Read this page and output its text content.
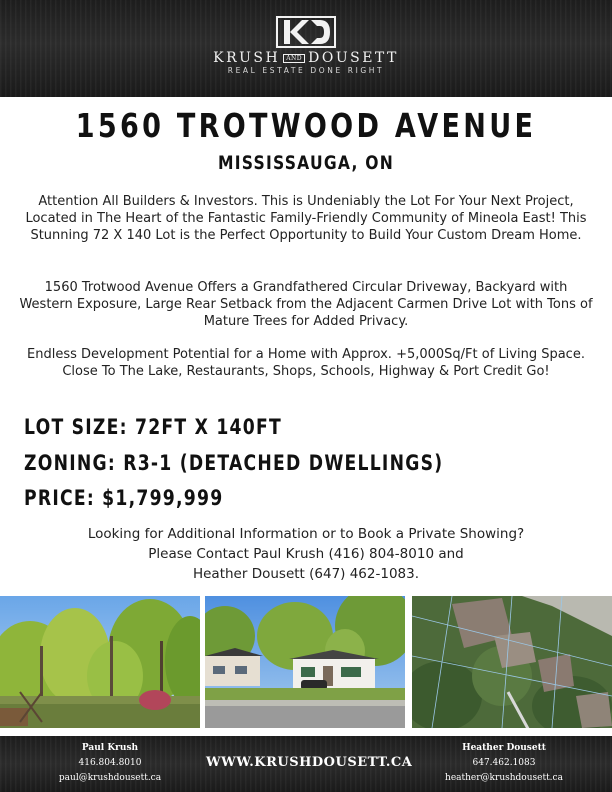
KRUSH AND DOUSETT
REAL ESTATE DONE RIGHT
1560 TROTWOOD AVENUE
MISSISSAUGA, ON
Attention All Builders & Investors. This is Undeniably the Lot For Your Next Project, Located in The Heart of the Fantastic Family-Friendly Community of Mineola East! This Stunning 72 X 140 Lot is the Perfect Opportunity to Build Your Custom Dream Home.
1560 Trotwood Avenue Offers a Grandfathered Circular Driveway, Backyard with Western Exposure, Large Rear Setback from the Adjacent Carmen Drive Lot with Tons of Mature Trees for Added Privacy.
Endless Development Potential for a Home with Approx. +5,000Sq/Ft of Living Space. Close To The Lake, Restaurants, Shops, Schools, Highway & Port Credit Go!
LOT SIZE: 72FT X 140FT
ZONING: R3-1 (DETACHED DWELLINGS)
PRICE: $1,799,999
Looking for Additional Information or to Book a Private Showing?
Please Contact Paul Krush (416) 804-8010 and
Heather Dousett (647) 462-1083.
Paul Krush
416.804.8010
paul@krushdousett.ca
WWW.KRUSHDOUSETT.CA
Heather Dousett
647.462.1083
heather@krushdousett.ca
